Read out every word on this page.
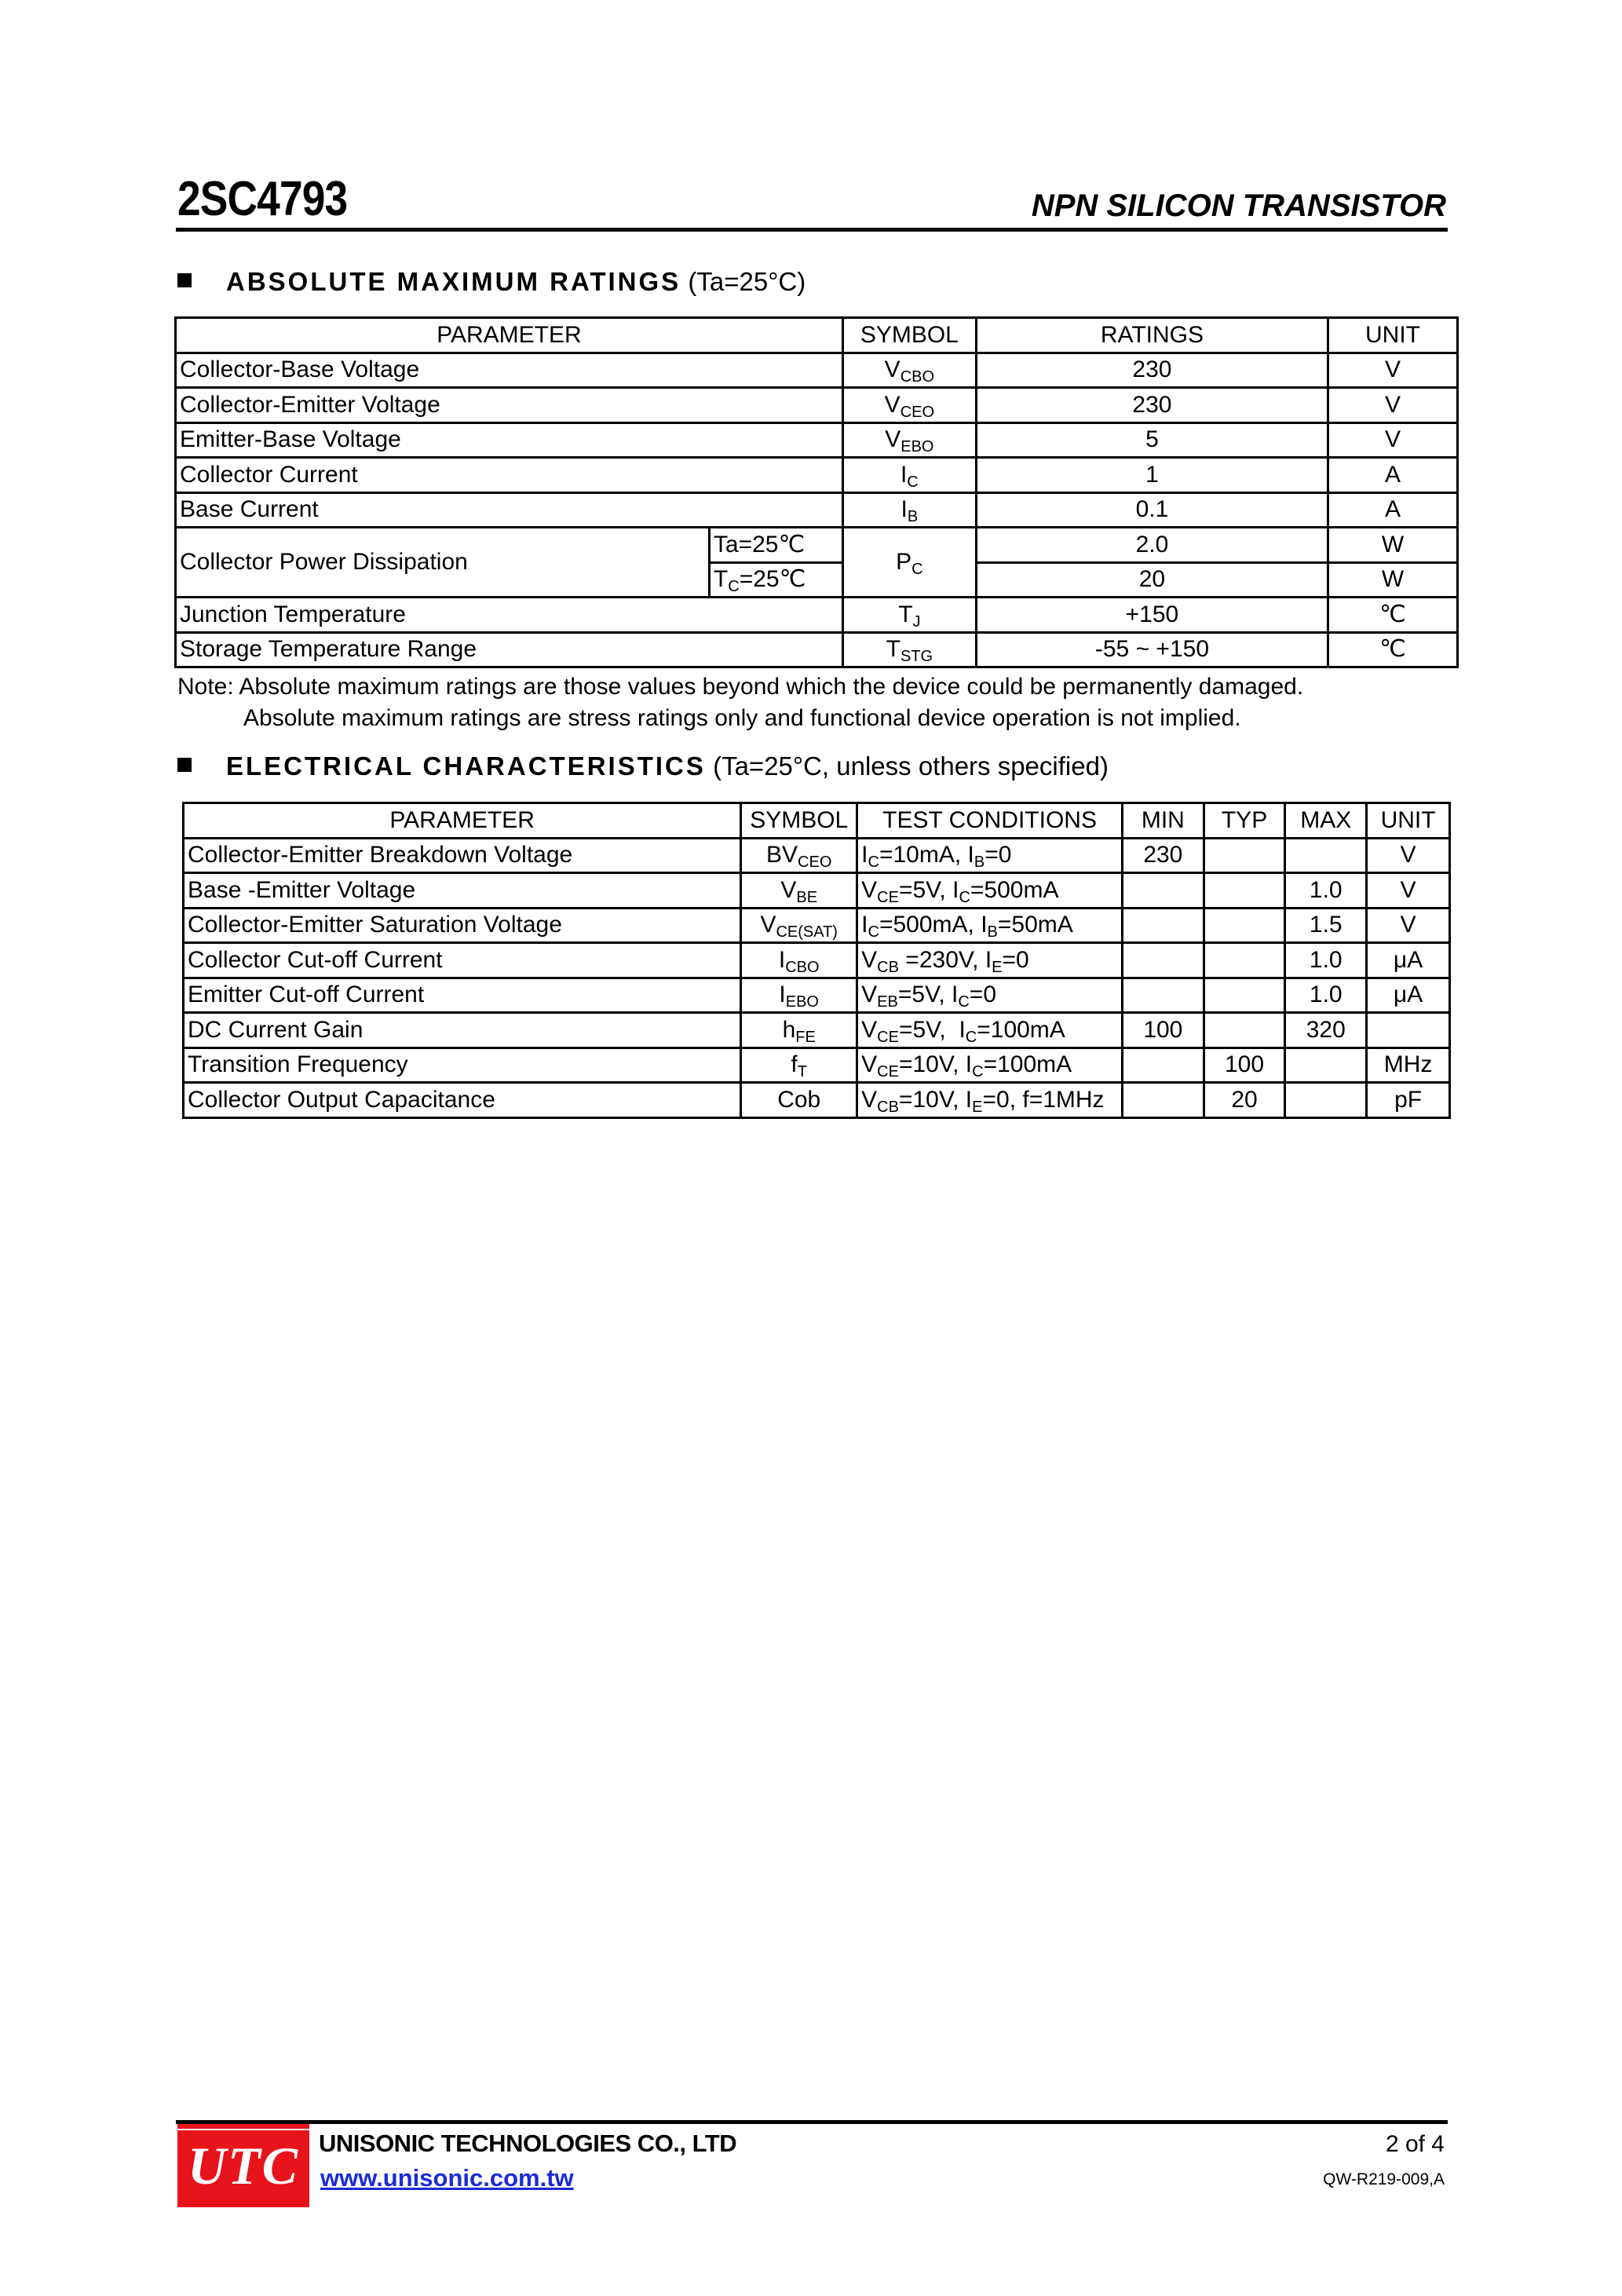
2SC4793	NPN SILICON TRANSISTOR
ABSOLUTE MAXIMUM RATINGS (Ta=25°C)
PARAMETER		SYMBOL	RATINGS	UNIT
Collector-Base Voltage		$V_{CBO}$	230	V
Collector-Emitter Voltage		$V_{CEO}$	230	V
Emitter-Base Voltage		$V_{EBO}$	5	V
Collector Current		$I_C$	1	A
Base Current		$I_B$	0.1	A
Collector Power Dissipation	Ta=25℃	$P_C$	2.0	W
	$T_C=25℃$		20	W
Junction Temperature		$T_J$	+150	℃
Storage Temperature Range		$T_{STG}$	-55 ~ +150	℃
Note: Absolute maximum ratings are those values beyond which the device could be permanently damaged.
Absolute maximum ratings are stress ratings only and functional device operation is not implied.
ELECTRICAL CHARACTERISTICS (Ta=25°C, unless others specified)
PARAMETER	SYMBOL	TEST CONDITIONS	MIN	TYP	MAX	UNIT
Collector-Emitter Breakdown Voltage	$BV_{CEO}$	$I_C=10mA$, $I_B=0$	230			V
Base -Emitter Voltage	$V_{BE}$	$V_{CE}=5V$, $I_C=500mA$			1.0	V
Collector-Emitter Saturation Voltage	$V_{CE(SAT)}$	$I_C=500mA$, $I_B=50mA$			1.5	V
Collector Cut-off Current	$I_{CBO}$	$V_{CB} =230V$, $I_E=0$			1.0	μA
Emitter Cut-off Current	$I_{EBO}$	$V_{EB}=5V$, $I_C=0$			1.0	μA
DC Current Gain	$h_{FE}$	$V_{CE}=5V$,  $I_C=100mA$	100		320	
Transition Frequency	$f_T$	$V_{CE}=10V$, $I_C=100mA$		100		MHz
Collector Output Capacitance	Cob	$V_{CB}=10V$, $I_E=0$, f=1MHz		20		pF
UTC UNISONIC TECHNOLOGIES CO., LTD
www.unisonic.com.tw
2 of 4
QW-R219-009,A
